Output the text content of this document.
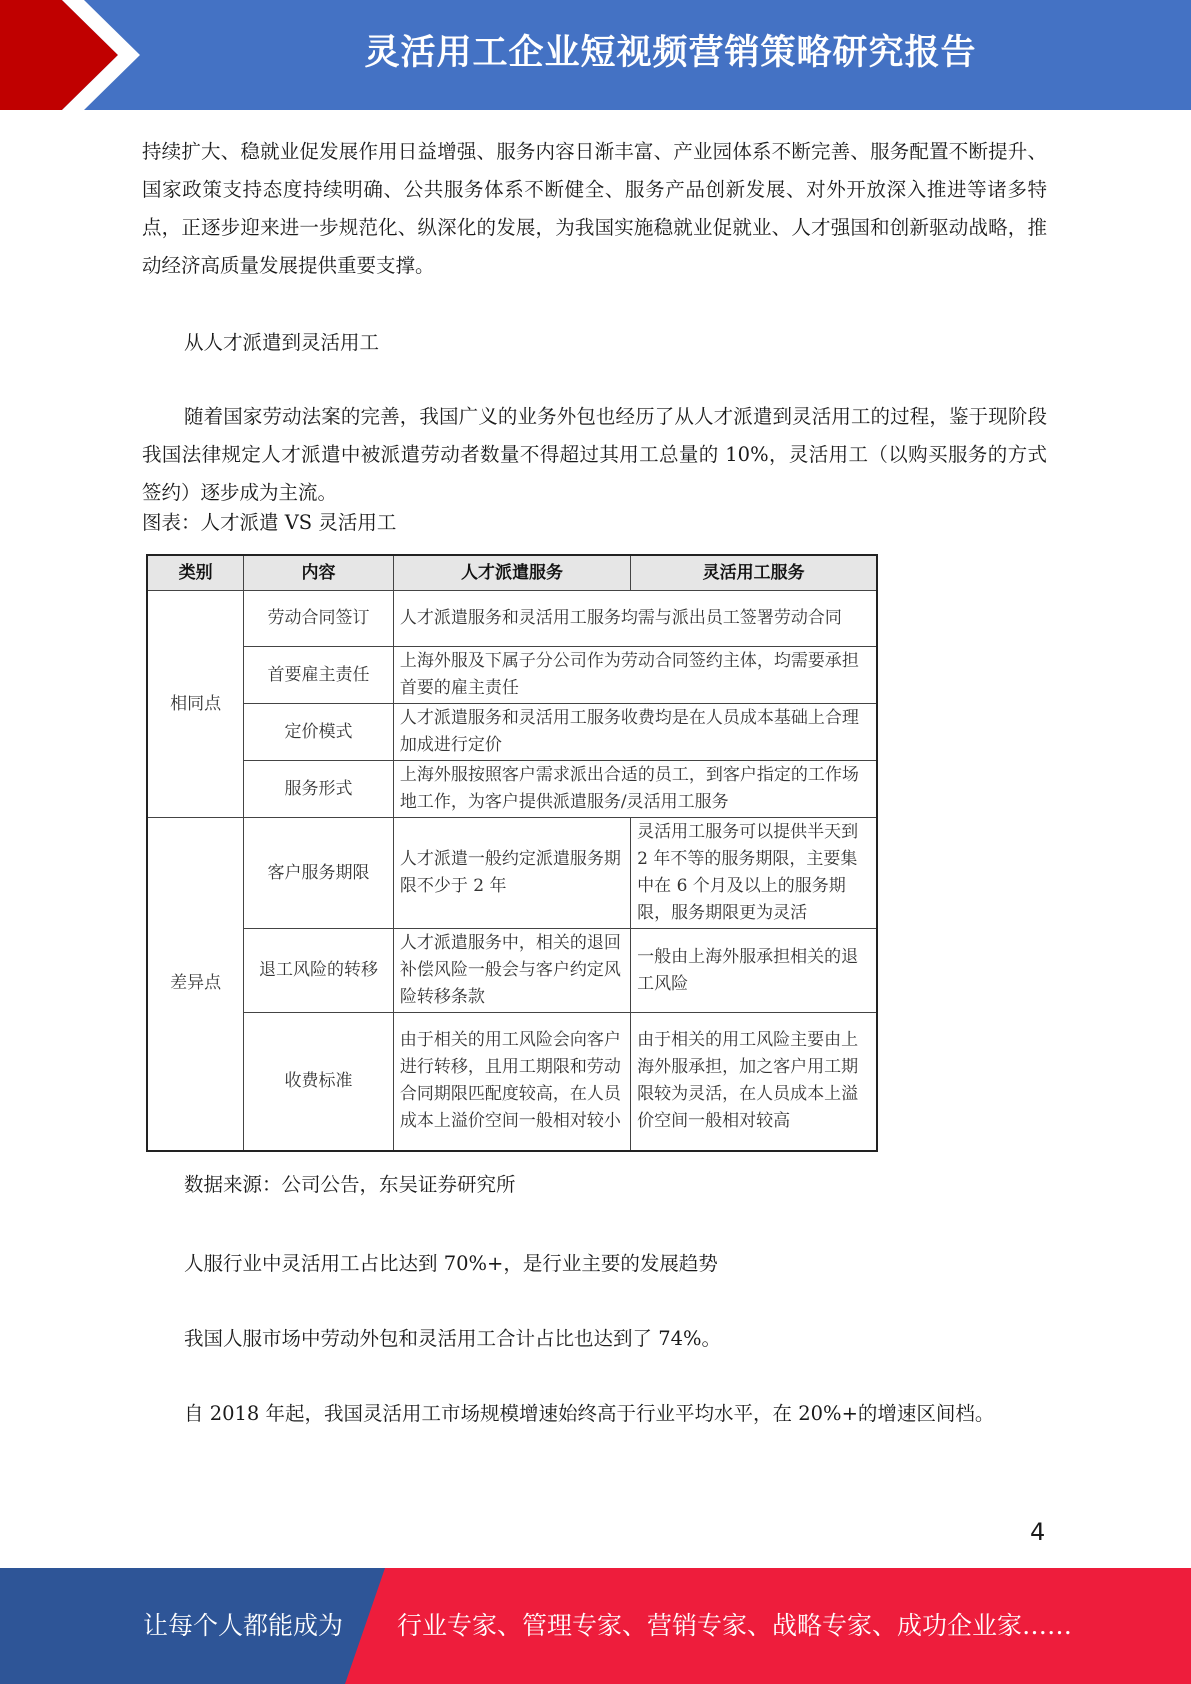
灵活用工企业短视频营销策略研究报告

持续扩大、稳就业促发展作用日益增强、服务内容日渐丰富、产业园体系不断完善、服务配置不断提升、国家政策支持态度持续明确、公共服务体系不断健全、服务产品创新发展、对外开放深入推进等诸多特点，正逐步迎来进一步规范化、纵深化的发展，为我国实施稳就业促就业、人才强国和创新驱动战略，推动经济高质量发展提供重要支撑。

从人才派遣到灵活用工

随着国家劳动法案的完善，我国广义的业务外包也经历了从人才派遣到灵活用工的过程，鉴于现阶段我国法律规定人才派遣中被派遣劳动者数量不得超过其用工总量的 10%，灵活用工（以购买服务的方式签约）逐步成为主流。

图表：人才派遣 VS 灵活用工
类别	内容	人才派遣服务	灵活用工服务
相同点	劳动合同签订	人才派遣服务和灵活用工服务均需与派出员工签署劳动合同	
	首要雇主责任	上海外服及下属子分公司作为劳动合同签约主体，均需要承担首要的雇主责任	
	定价模式	人才派遣服务和灵活用工服务收费均是在人员成本基础上合理加成进行定价	
	服务形式	上海外服按照客户需求派出合适的员工，到客户指定的工作场地工作，为客户提供派遣服务/灵活用工服务	
差异点	客户服务期限	人才派遣一般约定派遣服务期限不少于 2 年	灵活用工服务可以提供半天到 2 年不等的服务期限，主要集中在 6 个月及以上的服务期限，服务期限更为灵活
	退工风险的转移	人才派遣服务中，相关的退回补偿风险一般会与客户约定风险转移条款	一般由上海外服承担相关的退工风险
	收费标准	由于相关的用工风险会向客户进行转移，且用工期限和劳动合同期限匹配度较高，在人员成本上溢价空间一般相对较小	由于相关的用工风险主要由上海外服承担，加之客户用工期限较为灵活，在人员成本上溢价空间一般相对较高
数据来源：公司公告，东吴证券研究所

人服行业中灵活用工占比达到 70%+，是行业主要的发展趋势

我国人服市场中劳动外包和灵活用工合计占比也达到了 74%。

自 2018 年起，我国灵活用工市场规模增速始终高于行业平均水平，在 20%+的增速区间档。

4
让每个人都能成为 行业专家、管理专家、营销专家、战略专家、成功企业家……
